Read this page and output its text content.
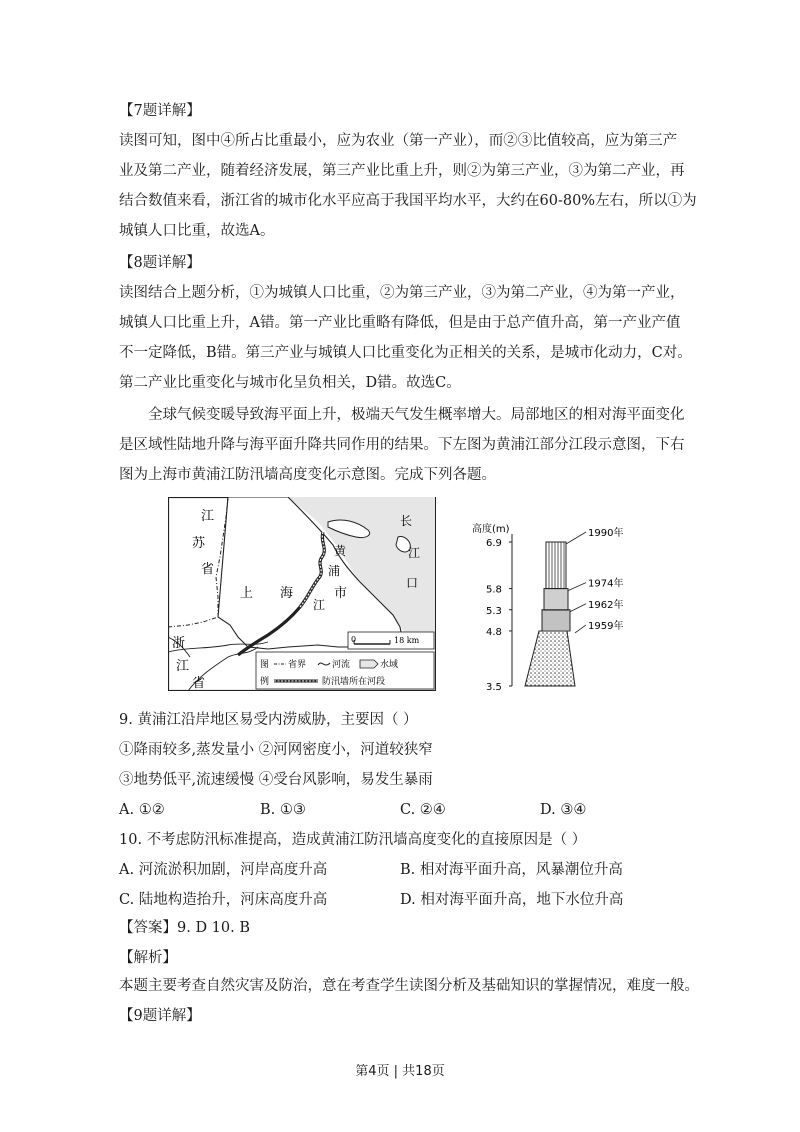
【7题详解】
读图可知，图中④所占比重最小，应为农业（第一产业），而②③比值较高，应为第三产
业及第二产业，随着经济发展，第三产业比重上升，则②为第三产业，③为第二产业，再
结合数值来看，浙江省的城市化水平应高于我国平均水平，大约在60-80%左右，所以①为
城镇人口比重，故选A。
【8题详解】
读图结合上题分析，①为城镇人口比重，②为第三产业，③为第二产业，④为第一产业，
城镇人口比重上升，A错。第一产业比重略有降低，但是由于总产值升高，第一产业产值
不一定降低，B错。第三产业与城镇人口比重变化为正相关的关系，是城市化动力，C对。
第二产业比重变化与城市化呈负相关，D错。故选C。
全球气候变暖导致海平面上升，极端天气发生概率增大。局部地区的相对海平面变化
是区域性陆地升降与海平面升降共同作用的结果。下左图为黄浦江部分江段示意图，下右
图为上海市黄浦江防汛墙高度变化示意图。完成下列各题。
江
苏
省
上 海	市
黄
浦
江
长
江
口
浙
江
省
0	18 km
图
例
省界	河流	水域
防汛墙所在河段
高度(m)
6.9
5.8
5.3
4.8
3.5
1959年
1962年
1974年
1990年
9. 黄浦江沿岸地区易受内涝威胁，主要因（ ）
①降雨较多,蒸发量小 ②河网密度小，河道较狭窄
③地势低平,流速缓慢 ④受台风影响，易发生暴雨
A. ①②	B. ①③	C. ②④	D. ③④
10. 不考虑防汛标准提高，造成黄浦江防汛墙高度变化的直接原因是（ ）
A. 河流淤积加剧，河岸高度升高	B. 相对海平面升高，风暴潮位升高
C. 陆地构造抬升，河床高度升高	D. 相对海平面升高，地下水位升高
【答案】9. D 10. B
【解析】
本题主要考查自然灾害及防治，意在考查学生读图分析及基础知识的掌握情况，难度一般。
【9题详解】
第4页 | 共18页
